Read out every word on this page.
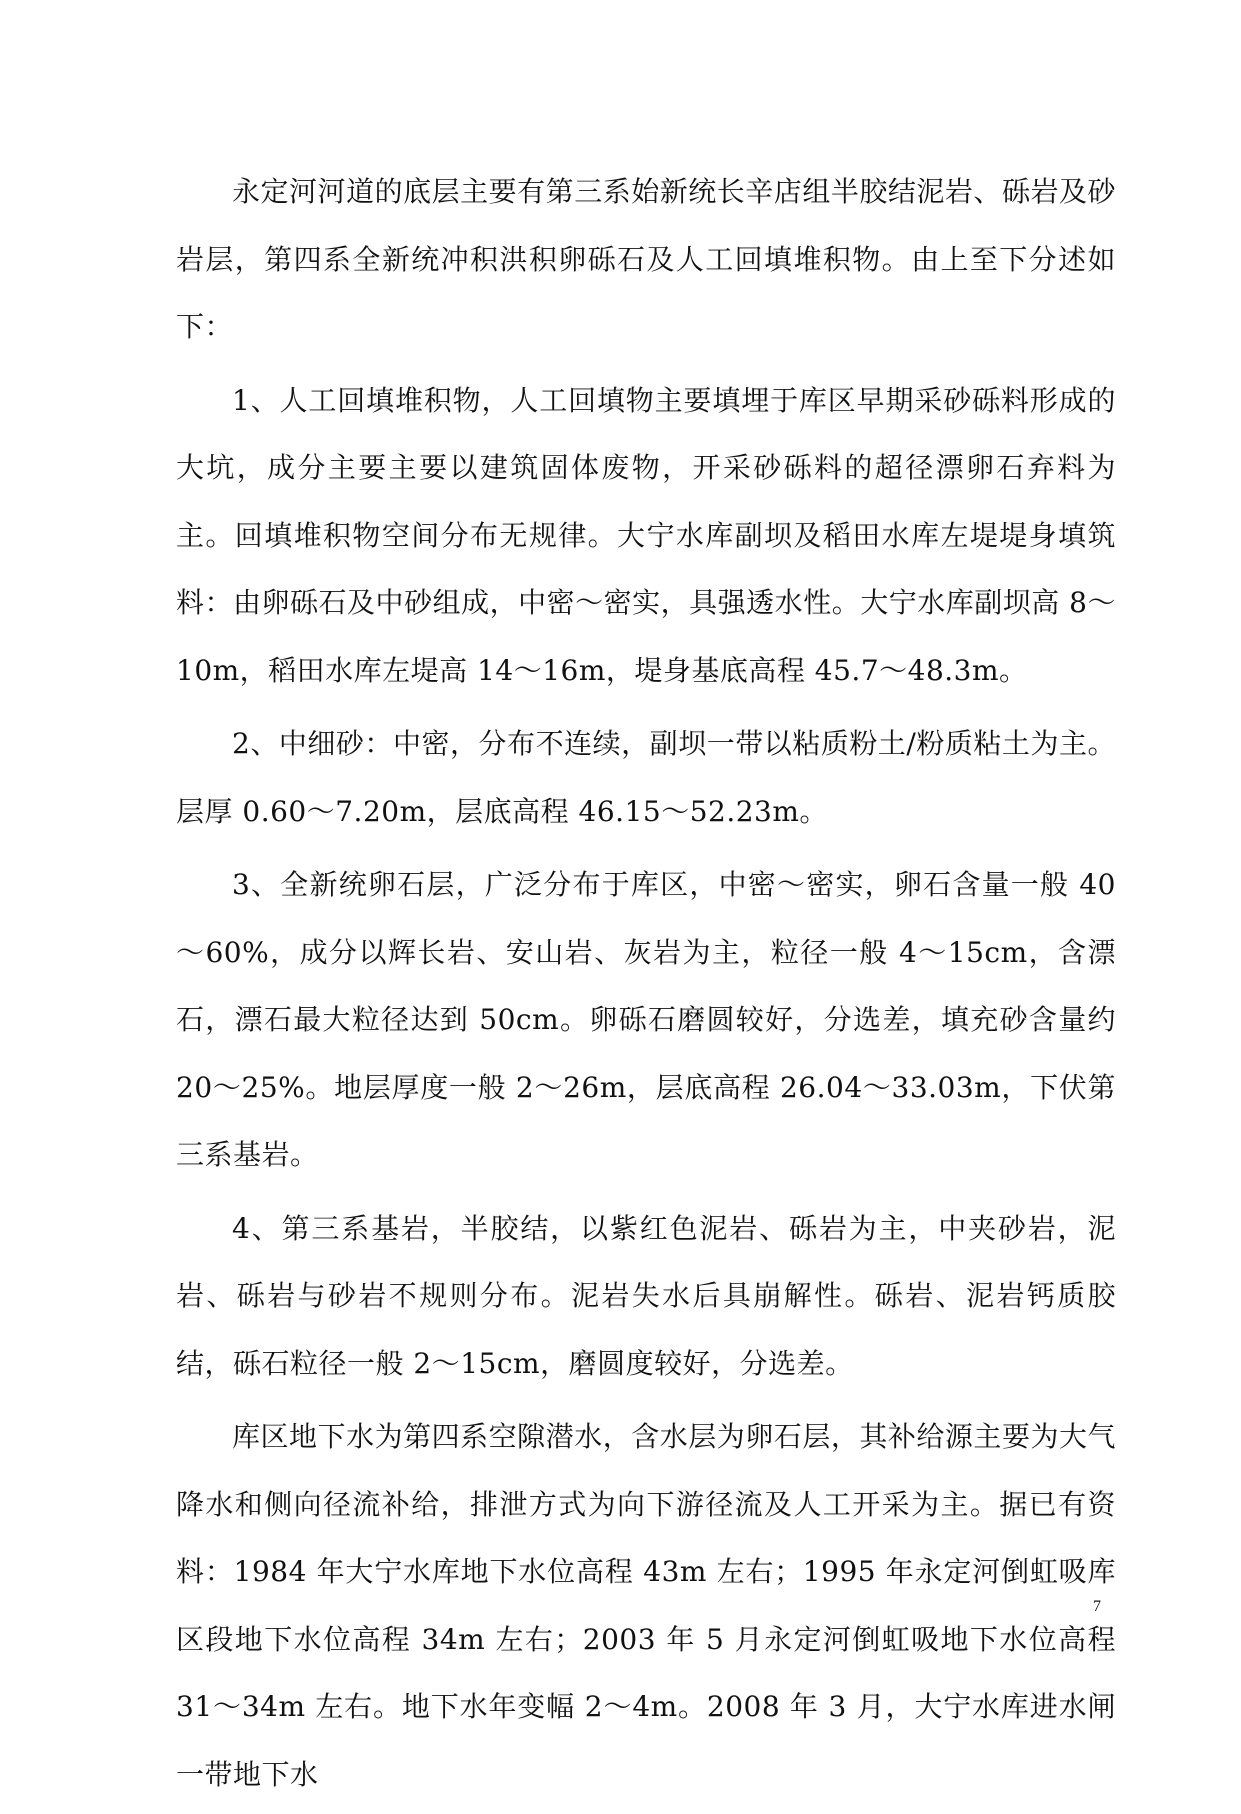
永定河河道的底层主要有第三系始新统长辛店组半胶结泥岩、砾岩及砂岩层，第四系全新统冲积洪积卵砾石及人工回填堆积物。由上至下分述如下：

1、人工回填堆积物，人工回填物主要填埋于库区早期采砂砾料形成的大坑，成分主要主要以建筑固体废物，开采砂砾料的超径漂卵石弃料为主。回填堆积物空间分布无规律。大宁水库副坝及稻田水库左堤堤身填筑料：由卵砾石及中砂组成，中密～密实，具强透水性。大宁水库副坝高 8～10m，稻田水库左堤高 14～16m，堤身基底高程 45.7～48.3m。

2、中细砂：中密，分布不连续，副坝一带以粘质粉土/粉质粘土为主。层厚 0.60～7.20m，层底高程 46.15～52.23m。

3、全新统卵石层，广泛分布于库区，中密～密实，卵石含量一般 40～60%，成分以辉长岩、安山岩、灰岩为主，粒径一般 4～15cm，含漂石，漂石最大粒径达到 50cm。卵砾石磨圆较好，分选差，填充砂含量约 20～25%。地层厚度一般 2～26m，层底高程 26.04～33.03m，下伏第三系基岩。

4、第三系基岩，半胶结，以紫红色泥岩、砾岩为主，中夹砂岩，泥岩、砾岩与砂岩不规则分布。泥岩失水后具崩解性。砾岩、泥岩钙质胶结，砾石粒径一般 2～15cm，磨圆度较好，分选差。

库区地下水为第四系空隙潜水，含水层为卵石层，其补给源主要为大气降水和侧向径流补给，排泄方式为向下游径流及人工开采为主。据已有资料：1984 年大宁水库地下水位高程 43m 左右；1995 年永定河倒虹吸库区段地下水位高程 34m 左右；2003 年 5 月永定河倒虹吸地下水位高程 31～34m 左右。地下水年变幅 2～4m。2008 年 3 月，大宁水库进水闸一带地下水

7
